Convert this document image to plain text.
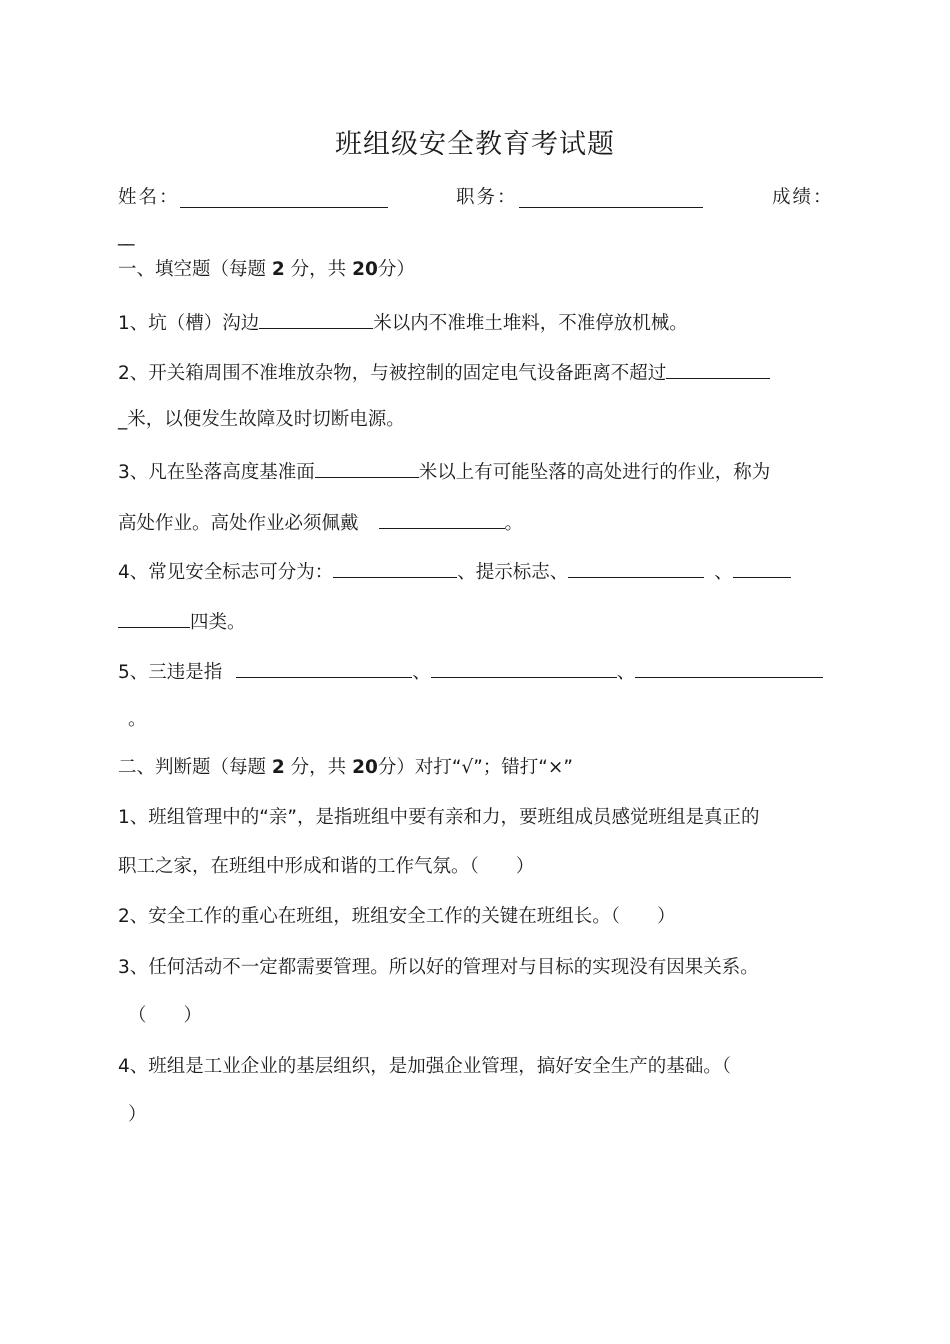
班组级安全教育考试题
姓名：	职务：	成绩：
__
一、填空题（每题 2 分，共 20分）
1、坑（槽）沟边	米以内不准堆土堆料，不准停放机械。
2、开关箱周围不准堆放杂物，与被控制的固定电气设备距离不超过
_米，以便发生故障及时切断电源。
3、凡在坠落高度基准面	米以上有可能坠落的高处进行的作业，称为
高处作业。高处作业必须佩戴	。
4、常见安全标志可分为：	、提示标志、	、
四类。
5、三违是指	、	、
。
二、判断题（每题 2 分，共 20分）对打“√”；错打“×”
1、班组管理中的“亲”，是指班组中要有亲和力，要班组成员感觉班组是真正的
职工之家，在班组中形成和谐的工作气氛。（　　）
2、安全工作的重心在班组，班组安全工作的关键在班组长。（　　）
3、任何活动不一定都需要管理。所以好的管理对与目标的实现没有因果关系。
（　　）
4、班组是工业企业的基层组织，是加强企业管理，搞好安全生产的基础。（
）
